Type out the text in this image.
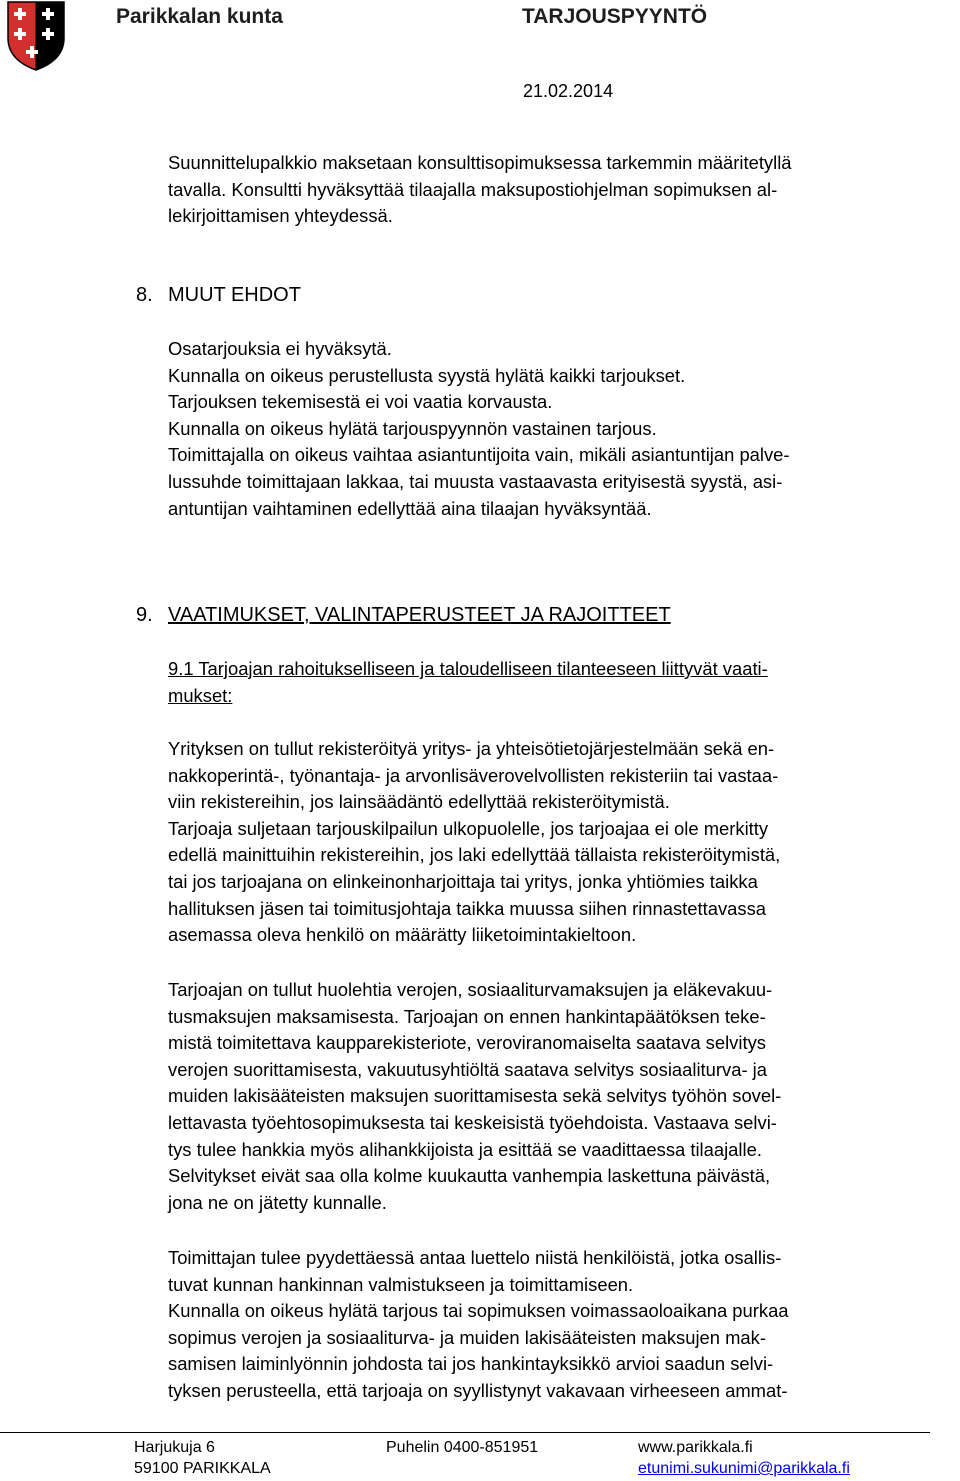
Parikkalan kunta	TARJOUSPYYNTÖ
21.02.2014
Suunnittelupalkkio maksetaan konsulttisopimuksessa tarkemmin määritetyllä
tavalla. Konsultti hyväksyttää tilaajalla maksupostiohjelman sopimuksen al-
lekirjoittamisen yhteydessä.
8. MUUT EHDOT
Osatarjouksia ei hyväksytä.
Kunnalla on oikeus perustellusta syystä hylätä kaikki tarjoukset.
Tarjouksen tekemisestä ei voi vaatia korvausta.
Kunnalla on oikeus hylätä tarjouspyynnön vastainen tarjous.
Toimittajalla on oikeus vaihtaa asiantuntijoita vain, mikäli asiantuntijan palve-
lussuhde toimittajaan lakkaa, tai muusta vastaavasta erityisestä syystä, asi-
antuntijan vaihtaminen edellyttää aina tilaajan hyväksyntää.
9. VAATIMUKSET, VALINTAPERUSTEET JA RAJOITTEET
9.1 Tarjoajan rahoitukselliseen ja taloudelliseen tilanteeseen liittyvät vaati-
mukset:
Yrityksen on tullut rekisteröityä yritys- ja yhteisötietojärjestelmään sekä en-
nakkoperintä-, työnantaja- ja arvonlisäverovelvollisten rekisteriin tai vastaa-
viin rekistereihin, jos lainsäädäntö edellyttää rekisteröitymistä.
Tarjoaja suljetaan tarjouskilpailun ulkopuolelle, jos tarjoajaa ei ole merkitty
edellä mainittuihin rekistereihin, jos laki edellyttää tällaista rekisteröitymistä,
tai jos tarjoajana on elinkeinonharjoittaja tai yritys, jonka yhtiömies taikka
hallituksen jäsen tai toimitusjohtaja taikka muussa siihen rinnastettavassa
asemassa oleva henkilö on määrätty liiketoimintakieltoon.
Tarjoajan on tullut huolehtia verojen, sosiaaliturvamaksujen ja eläkevakuu-
tusmaksujen maksamisesta. Tarjoajan on ennen hankintapäätöksen teke-
mistä toimitettava kaupparekisteriote, veroviranomaiselta saatava selvitys
verojen suorittamisesta, vakuutusyhtiöltä saatava selvitys sosiaaliturva- ja
muiden lakisääteisten maksujen suorittamisesta sekä selvitys työhön sovel-
lettavasta työehtosopimuksesta tai keskeisistä työehdoista. Vastaava selvi-
tys tulee hankkia myös alihankkijoista ja esittää se vaadittaessa tilaajalle.
Selvitykset eivät saa olla kolme kuukautta vanhempia laskettuna päivästä,
jona ne on jätetty kunnalle.
Toimittajan tulee pyydettäessä antaa luettelo niistä henkilöistä, jotka osallis-
tuvat kunnan hankinnan valmistukseen ja toimittamiseen.
Kunnalla on oikeus hylätä tarjous tai sopimuksen voimassaoloaikana purkaa
sopimus verojen ja sosiaaliturva- ja muiden lakisääteisten maksujen mak-
samisen laiminlyönnin johdosta tai jos hankintayksikkö arvioi saadun selvi-
tyksen perusteella, että tarjoaja on syyllistynyt vakavaan virheeseen ammat-
Harjukuja 6
59100 PARIKKALA
Puhelin 0400-851951	www.parikkala.fi
etunimi.sukunimi@parikkala.fi
